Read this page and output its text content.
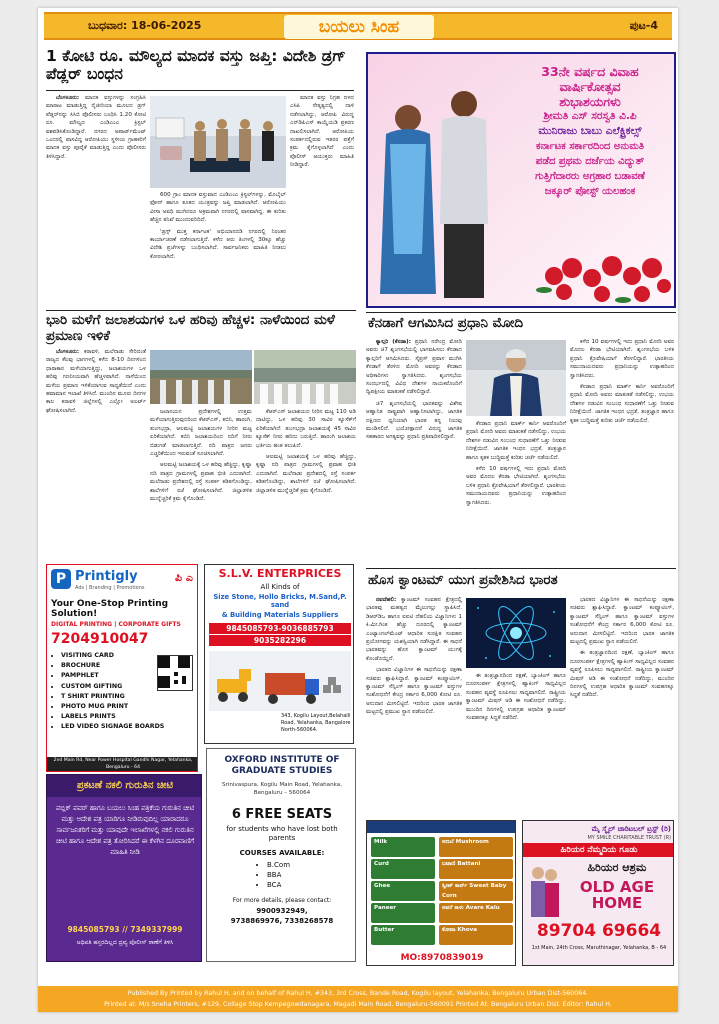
ಬುಧವಾರ: 18-06-2025	ಬಯಲು ಸಿಂಹ	ಪುಟ-4
1 ಕೋಟಿ ರೂ. ಮೌಲ್ಯದ ಮಾದಕ ವಸ್ತು ಜಪ್ತಿ: ವಿದೇಶಿ ಡ್ರಗ್ ಪೆಡ್ಲರ್ ಬಂಧನ

ಬೆಂಗಳೂರು: ಮಾದಕ ವಸ್ತುಗಳನ್ನು ಸಂಗ್ರಹಿಸಿ ಮಾರಾಟ ಮಾಡುತ್ತಿದ್ದ ನೈಜೀರಿಯಾ ಮೂಲದ ಡ್ರಗ್ ಪೆಡ್ಲರ್‌ನನ್ನು ಸಿಸಿಬಿ ಪೊಲೀಸರು ಬಂಧಿಸಿ 1.20 ಕೋಟಿ ರೂ. ಮೌಲ್ಯದ ಎಂಡಿಎಂಎ ಕ್ರಿಸ್ಟಲ್ ವಶಪಡಿಸಿಕೊಂಡಿದ್ದಾರೆ. ನಗರದ ಅಪಾರ್ಟ್‌ಮೆಂಟ್ ಒಂದರಲ್ಲಿ ವಾಸವಿದ್ದ ಆರೋಪಿಯು ಸ್ಥಳೀಯ ಗ್ರಾಹಕರಿಗೆ ಮಾದಕ ವಸ್ತು ಪೂರೈಕೆ ಮಾಡುತ್ತಿದ್ದ ಎಂದು ಪೊಲೀಸರು ತಿಳಿಸಿದ್ದಾರೆ.

600 ಗ್ರಾಂ ಮಾದಕ ವಸ್ತುವಾದ ಎಂಡಿಎಂಎ ಕ್ರಿಸ್ಟಲ್‌ಗಳನ್ನು, ಮೊಬೈಲ್ ಫೋನ್ ಹಾಗೂ ತೂಕದ ಯಂತ್ರವನ್ನು ಜಪ್ತಿ ಮಾಡಲಾಗಿದೆ. ಆರೋಪಿಯು ವೀಸಾ ಅವಧಿ ಮುಗಿದರೂ ಅಕ್ರಮವಾಗಿ ನಗರದಲ್ಲಿ ವಾಸವಾಗಿದ್ದ. ಈ ಕುರಿತು ಹೆಚ್ಚಿನ ತನಿಖೆ ಮುಂದುವರಿದಿದೆ.

'ಡ್ರಗ್ಸ್ ಮುಕ್ತ ಕರ್ನಾಟಕ' ಅಭಿಯಾನದಡಿ ನಗರದಲ್ಲಿ ನಿರಂತರ ಕಾರ್ಯಾಚರಣೆ ನಡೆಸಲಾಗುತ್ತಿದೆ. ಕಳೆದ ಆರು ತಿಂಗಳಲ್ಲಿ 30ಕ್ಕೂ ಹೆಚ್ಚು ವಿದೇಶಿ ಪ್ರಜೆಗಳನ್ನು ಬಂಧಿಸಲಾಗಿದೆ. ಸಾರ್ವಜನಿಕರು ಮಾಹಿತಿ ನೀಡಲು ಕೋರಲಾಗಿದೆ.

ಮಾದಕ ವಸ್ತು ನಿಗ್ರಹ ದಳದ ಎಸಿಪಿ ನೇತೃತ್ವದಲ್ಲಿ ದಾಳಿ ನಡೆಸಲಾಗಿದ್ದು, ಆರೋಪಿ ವಿರುದ್ಧ ಎನ್‌ಡಿಪಿಎಸ್ ಕಾಯ್ದೆಯಡಿ ಪ್ರಕರಣ ದಾಖಲಿಸಲಾಗಿದೆ. ಆರೋಪಿಯ ಸಂಪರ್ಕದಲ್ಲಿರುವ ಇತರರ ಪತ್ತೆಗೆ ಕ್ರಮ ಕೈಗೊಳ್ಳಲಾಗಿದೆ ಎಂದು ಪೊಲೀಸ್ ಆಯುಕ್ತರು ಮಾಹಿತಿ ನೀಡಿದ್ದಾರೆ.

33ನೇ ವರ್ಷದ ವಿವಾಹ
ವಾರ್ಷಿಕೋತ್ಸವ
ಶುಭಾಶಯಗಳು
ಶ್ರೀಮತಿ ಎಸ್ ಸರಸ್ವತಿ ವಿ.ಪಿ
ಮುನಿರಾಜು ಬಾಬು ಎಲೆಕ್ಟ್ರಿಕಲ್ಸ್
ಕರ್ನಾಟಕ ಸರ್ಕಾರದಿಂದ ಅನುಮತಿ
ಪಡೆದ ಪ್ರಥಮ ದರ್ಜೆಯ ವಿದ್ಯುತ್
ಗುತ್ತಿಗೆದಾರರು ಅಗ್ರಹಾರ ಬಡಾವಣೆ
ಜಕ್ಕೂರ್ ಪೋಸ್ಟ್ ಯಲಹಂಕ
ಭಾರಿ ಮಳೆಗೆ ಜಲಾಶಯಗಳ ಒಳ ಹರಿವು ಹೆಚ್ಚಳ: ನಾಳೆಯಿಂದ ಮಳೆ ಪ್ರಮಾಣ ಇಳಿಕೆ

ಬೆಂಗಳೂರು: ಕರಾವಳಿ, ಮಲೆನಾಡು ಸೇರಿದಂತೆ ರಾಜ್ಯದ ಕೆಲವು ಭಾಗಗಳಲ್ಲಿ ಕಳೆದ 8-10 ದಿನಗಳಿಂದ ಧಾರಾಕಾರ ಮಳೆಯಾಗುತ್ತಿದ್ದು, ಜಲಾಶಯಗಳ ಒಳ ಹರಿವು ಗಣನೀಯವಾಗಿ ಹೆಚ್ಚಳವಾಗಿದೆ. ನಾಳೆಯಿಂದ ಮಳೆಯ ಪ್ರಮಾಣ ಇಳಿಕೆಯಾಗುವ ಸಾಧ್ಯತೆಯಿದೆ ಎಂದು ಹವಾಮಾನ ಇಲಾಖೆ ತಿಳಿಸಿದೆ. ಮುಂದಿನ ಮೂರು ದಿನಗಳ ಕಾಲ ಕರಾವಳಿ ಜಿಲ್ಲೆಗಳಲ್ಲಿ ಎಲ್ಲೋ ಅಲರ್ಟ್ ಘೋಷಿಸಲಾಗಿದೆ.	ಜಲಾನಯನ ಪ್ರದೇಶಗಳಲ್ಲಿ ಉತ್ತಮ ಮಳೆಯಾಗುತ್ತಿರುವುದರಿಂದ ಕೆಆರ್‌ಎಸ್, ಕಬಿನಿ, ಹಾರಂಗಿ, ತುಂಗಭದ್ರಾ, ಆಲಮಟ್ಟಿ ಜಲಾಶಯಗಳ ನೀರಿನ ಮಟ್ಟ ಏರಿಕೆಯಾಗಿದೆ. ಕಬಿನಿ ಜಲಾಶಯದಿಂದ ನದಿಗೆ ನೀರು ಬಿಡುಗಡೆ ಮಾಡಲಾಗುತ್ತಿದೆ. ನದಿ ಪಾತ್ರದ ಜನರು ಎಚ್ಚರಿಕೆಯಿಂದ ಇರುವಂತೆ ಸೂಚಿಸಲಾಗಿದೆ.

ಆಲಮಟ್ಟಿ ಜಲಾಶಯಕ್ಕೆ ಒಳ ಹರಿವು ಹೆಚ್ಚಿದ್ದು, ಕೃಷ್ಣಾ ನದಿ ಪಾತ್ರದ ಗ್ರಾಮಗಳಲ್ಲಿ ಪ್ರವಾಹ ಭೀತಿ ಎದುರಾಗಿದೆ. ಮಲೆನಾಡು ಪ್ರದೇಶದಲ್ಲಿ ರಸ್ತೆ ಸಂಪರ್ಕ ಕಡಿತಗೊಂಡಿದ್ದು, ಶಾಲೆಗಳಿಗೆ ರಜೆ ಘೋಷಿಸಲಾಗಿದೆ. ಜಿಲ್ಲಾಡಳಿತ ಮುನ್ನೆಚ್ಚರಿಕೆ ಕ್ರಮ ಕೈಗೊಂಡಿದೆ.

ಕೆಆರ್‌ಎಸ್ ಜಲಾಶಯದ ನೀರಿನ ಮಟ್ಟ 110 ಅಡಿ ದಾಟಿದ್ದು, ಒಳ ಹರಿವು 30 ಸಾವಿರ ಕ್ಯೂಸೆಕ್‌ಗೆ ಏರಿಕೆಯಾಗಿದೆ. ತುಂಗಭದ್ರಾ ಜಲಾಶಯಕ್ಕೆ 45 ಸಾವಿರ ಕ್ಯೂಸೆಕ್ ನೀರು ಹರಿದು ಬರುತ್ತಿದೆ. ಹಾರಂಗಿ ಜಲಾಶಯ ಭರ್ತಿಯ ಹಂತ ತಲುಪಿದೆ.

ಆಲಮಟ್ಟಿ ಜಲಾಶಯಕ್ಕೆ ಒಳ ಹರಿವು ಹೆಚ್ಚಿದ್ದು, ಕೃಷ್ಣಾ ನದಿ ಪಾತ್ರದ ಗ್ರಾಮಗಳಲ್ಲಿ ಪ್ರವಾಹ ಭೀತಿ ಎದುರಾಗಿದೆ. ಮಲೆನಾಡು ಪ್ರದೇಶದಲ್ಲಿ ರಸ್ತೆ ಸಂಪರ್ಕ ಕಡಿತಗೊಂಡಿದ್ದು, ಶಾಲೆಗಳಿಗೆ ರಜೆ ಘೋಷಿಸಲಾಗಿದೆ. ಜಿಲ್ಲಾಡಳಿತ ಮುನ್ನೆಚ್ಚರಿಕೆ ಕ್ರಮ ಕೈಗೊಂಡಿದೆ.

ಕೆನಡಾಗೆ ಆಗಮಿಸಿದ ಪ್ರಧಾನಿ ಮೋದಿ

ಕ್ಯಾಲ್ಗರಿ (ಕೆನಡಾ): ಪ್ರಧಾನಿ ನರೇಂದ್ರ ಮೋದಿ ಅವರು ಜಿ7 ಶೃಂಗಸಭೆಯಲ್ಲಿ ಭಾಗವಹಿಸಲು ಕೆನಡಾದ ಕ್ಯಾಲ್ಗರಿಗೆ ಆಗಮಿಸಿದರು. ಸೈಪ್ರಸ್ ಪ್ರವಾಸ ಮುಗಿಸಿ ಕೆನಡಾಗೆ ತೆರಳಿದ ಮೋದಿ ಅವರನ್ನು ಕೆನಡಾದ ಅಧಿಕಾರಿಗಳು ಸ್ವಾಗತಿಸಿದರು. ಶೃಂಗಸಭೆಯ ಸಂದರ್ಭದಲ್ಲಿ ವಿವಿಧ ದೇಶಗಳ ನಾಯಕರೊಂದಿಗೆ ದ್ವಿಪಕ್ಷೀಯ ಮಾತುಕತೆ ನಡೆಸಲಿದ್ದಾರೆ.

ಜಿ7 ಶೃಂಗಸಭೆಯಲ್ಲಿ ಭಾರತವನ್ನು ವಿಶೇಷ ಆಹ್ವಾನಿತ ರಾಷ್ಟ್ರವಾಗಿ ಆಹ್ವಾನಿಸಲಾಗಿದ್ದು, ಜಾಗತಿಕ ದಕ್ಷಿಣದ ಧ್ವನಿಯಾಗಿ ಭಾರತ ತನ್ನ ನಿಲುವು ಮಂಡಿಸಲಿದೆ. ಭಯೋತ್ಪಾದನೆ ವಿರುದ್ಧ ಜಾಗತಿಕ ಸಹಕಾರದ ಅಗತ್ಯವನ್ನು ಪ್ರಧಾನಿ ಪ್ರತಿಪಾದಿಸಲಿದ್ದಾರೆ.

ಕೆನಡಾದ ಪ್ರಧಾನಿ ಮಾರ್ಕ್ ಕಾರ್ನಿ ಅವರೊಂದಿಗೆ ಪ್ರಧಾನಿ ಮೋದಿ ಅವರು ಮಾತುಕತೆ ನಡೆಸಲಿದ್ದು, ಉಭಯ ದೇಶಗಳ ನಡುವಿನ ಸಂಬಂಧ ಸುಧಾರಣೆಗೆ ಒತ್ತು ನೀಡುವ ನಿರೀಕ್ಷೆಯಿದೆ. ಜಾಗತಿಕ ಇಂಧನ ಭದ್ರತೆ, ತಂತ್ರಜ್ಞಾನ ಹಾಗೂ ಕೃತಕ ಬುದ್ಧಿಮತ್ತೆ ಕುರಿತು ಚರ್ಚೆ ನಡೆಯಲಿದೆ.

ಕಳೆದ 10 ವರ್ಷಗಳಲ್ಲಿ ಇದು ಪ್ರಧಾನಿ ಮೋದಿ ಅವರ ಮೊದಲ ಕೆನಡಾ ಭೇಟಿಯಾಗಿದೆ. ಶೃಂಗಸಭೆಯ ಬಳಿಕ ಪ್ರಧಾನಿ ಕ್ರೊವೇಷಿಯಾಗೆ ತೆರಳಲಿದ್ದಾರೆ. ಭಾರತೀಯ ಸಮುದಾಯದವರು ಪ್ರಧಾನಿಯನ್ನು ಉತ್ಸಾಹದಿಂದ ಸ್ವಾಗತಿಸಿದರು.

ಕಳೆದ 10 ವರ್ಷಗಳಲ್ಲಿ ಇದು ಪ್ರಧಾನಿ ಮೋದಿ ಅವರ ಮೊದಲ ಕೆನಡಾ ಭೇಟಿಯಾಗಿದೆ. ಶೃಂಗಸಭೆಯ ಬಳಿಕ ಪ್ರಧಾನಿ ಕ್ರೊವೇಷಿಯಾಗೆ ತೆರಳಲಿದ್ದಾರೆ. ಭಾರತೀಯ ಸಮುದಾಯದವರು ಪ್ರಧಾನಿಯನ್ನು ಉತ್ಸಾಹದಿಂದ ಸ್ವಾಗತಿಸಿದರು.

ಕೆನಡಾದ ಪ್ರಧಾನಿ ಮಾರ್ಕ್ ಕಾರ್ನಿ ಅವರೊಂದಿಗೆ ಪ್ರಧಾನಿ ಮೋದಿ ಅವರು ಮಾತುಕತೆ ನಡೆಸಲಿದ್ದು, ಉಭಯ ದೇಶಗಳ ನಡುವಿನ ಸಂಬಂಧ ಸುಧಾರಣೆಗೆ ಒತ್ತು ನೀಡುವ ನಿರೀಕ್ಷೆಯಿದೆ. ಜಾಗತಿಕ ಇಂಧನ ಭದ್ರತೆ, ತಂತ್ರಜ್ಞಾನ ಹಾಗೂ ಕೃತಕ ಬುದ್ಧಿಮತ್ತೆ ಕುರಿತು ಚರ್ಚೆ ನಡೆಯಲಿದೆ.

ಹೊಸ ಕ್ವಾಂಟಮ್ ಯುಗ ಪ್ರವೇಶಿಸಿದ ಭಾರತ

ನವದೆಹಲಿ: ಕ್ವಾಂಟಮ್ ಸಂವಹನ ಕ್ಷೇತ್ರದಲ್ಲಿ ಭಾರತವು ಮಹತ್ವದ ಮೈಲುಗಲ್ಲು ಸ್ಥಾಪಿಸಿದೆ. ಡಿಆರ್‌ಡಿಒ ಹಾಗೂ ಐಐಟಿ ದೆಹಲಿಯ ವಿಜ್ಞಾನಿಗಳು 1 ಕಿ.ಮೀ.ಗಿಂತ ಹೆಚ್ಚು ದೂರದಲ್ಲಿ ಕ್ವಾಂಟಮ್ ಎಂಟ್ಯಾಂಗಲ್‌ಮೆಂಟ್ ಆಧಾರಿತ ಸುರಕ್ಷಿತ ಸಂವಹನ ಪ್ರಯೋಗವನ್ನು ಯಶಸ್ವಿಯಾಗಿ ನಡೆಸಿದ್ದಾರೆ. ಈ ಸಾಧನೆ ಭಾರತವನ್ನು ಹೊಸ ಕ್ವಾಂಟಮ್ ಯುಗಕ್ಕೆ ಕೊಂಡೊಯ್ದಿದೆ.

ಭಾರತದ ವಿಜ್ಞಾನಿಗಳ ಈ ಸಾಧನೆಯನ್ನು ರಕ್ಷಣಾ ಸಚಿವರು ಶ್ಲಾಘಿಸಿದ್ದಾರೆ. ಕ್ವಾಂಟಮ್ ಕಂಪ್ಯೂಟಿಂಗ್, ಕ್ವಾಂಟಮ್ ಸೆನ್ಸಿಂಗ್ ಹಾಗೂ ಕ್ವಾಂಟಮ್ ವಸ್ತುಗಳ ಸಂಶೋಧನೆಗೆ ಕೇಂದ್ರ ಸರ್ಕಾರ 6,000 ಕೋಟಿ ರೂ. ಅನುದಾನ ಮೀಸಲಿಟ್ಟಿದೆ. ಇದರಿಂದ ಭಾರತ ಜಾಗತಿಕ ಮಟ್ಟದಲ್ಲಿ ಪ್ರಮುಖ ಸ್ಥಾನ ಪಡೆಯಲಿದೆ.

ಈ ತಂತ್ರಜ್ಞಾನದಿಂದ ರಕ್ಷಣೆ, ಬ್ಯಾಂಕಿಂಗ್ ಹಾಗೂ ದೂರಸಂಪರ್ಕ ಕ್ಷೇತ್ರಗಳಲ್ಲಿ ಹ್ಯಾಕಿಂಗ್ ಸಾಧ್ಯವಿಲ್ಲದ ಸಂವಹನ ವ್ಯವಸ್ಥೆ ರೂಪಿಸಲು ಸಾಧ್ಯವಾಗಲಿದೆ. ರಾಷ್ಟ್ರೀಯ ಕ್ವಾಂಟಮ್ ಮಿಷನ್ ಅಡಿ ಈ ಸಂಶೋಧನೆ ನಡೆದಿದ್ದು, ಮುಂದಿನ ದಿನಗಳಲ್ಲಿ ಉಪಗ್ರಹ ಆಧಾರಿತ ಕ್ವಾಂಟಮ್ ಸಂವಹನಕ್ಕೂ ಸಿದ್ಧತೆ ನಡೆದಿದೆ.

ಭಾರತದ ವಿಜ್ಞಾನಿಗಳ ಈ ಸಾಧನೆಯನ್ನು ರಕ್ಷಣಾ ಸಚಿವರು ಶ್ಲಾಘಿಸಿದ್ದಾರೆ. ಕ್ವಾಂಟಮ್ ಕಂಪ್ಯೂಟಿಂಗ್, ಕ್ವಾಂಟಮ್ ಸೆನ್ಸಿಂಗ್ ಹಾಗೂ ಕ್ವಾಂಟಮ್ ವಸ್ತುಗಳ ಸಂಶೋಧನೆಗೆ ಕೇಂದ್ರ ಸರ್ಕಾರ 6,000 ಕೋಟಿ ರೂ. ಅನುದಾನ ಮೀಸಲಿಟ್ಟಿದೆ. ಇದರಿಂದ ಭಾರತ ಜಾಗತಿಕ ಮಟ್ಟದಲ್ಲಿ ಪ್ರಮುಖ ಸ್ಥಾನ ಪಡೆಯಲಿದೆ.

ಈ ತಂತ್ರಜ್ಞಾನದಿಂದ ರಕ್ಷಣೆ, ಬ್ಯಾಂಕಿಂಗ್ ಹಾಗೂ ದೂರಸಂಪರ್ಕ ಕ್ಷೇತ್ರಗಳಲ್ಲಿ ಹ್ಯಾಕಿಂಗ್ ಸಾಧ್ಯವಿಲ್ಲದ ಸಂವಹನ ವ್ಯವಸ್ಥೆ ರೂಪಿಸಲು ಸಾಧ್ಯವಾಗಲಿದೆ. ರಾಷ್ಟ್ರೀಯ ಕ್ವಾಂಟಮ್ ಮಿಷನ್ ಅಡಿ ಈ ಸಂಶೋಧನೆ ನಡೆದಿದ್ದು, ಮುಂದಿನ ದಿನಗಳಲ್ಲಿ ಉಪಗ್ರಹ ಆಧಾರಿತ ಕ್ವಾಂಟಮ್ ಸಂವಹನಕ್ಕೂ ಸಿದ್ಧತೆ ನಡೆದಿದೆ.

P Printigly
Ads | Branding | Promotions
ಪಿ ಎ
Your One-Stop Printing Solution!
DIGITAL PRINTING | CORPORATE GIFTS
7204910047
• VISITING CARD
• BROCHURE
• PAMPHLET
• CUSTOM GIFTING
• T SHIRT PRINTING
• PHOTO MUG PRINT
• LABELS PRINTS
• LED VIDEO SIGNAGE BOARDS
2nd Main Rd, Near Power Hospital Gandhi Nagar, Yelahanka, Bengaluru - 64
S.L.V. ENTERPRICES
All Kinds of
Size Stone, Hollo Bricks, M.Sand,P. sand
& Building Materials Suppliers
9845085793-9036885793
9035282296
343, Kogilu Layout,Belahalli Road, Yelahanka, Bangalore North-560064.
OXFORD INSTITUTE OF GRADUATE STUDIES
Srinivaspura, Kogilu Main Road, Yelahanka, Bengaluru – 560064
6 FREE SEATS
for students who have lost both parents
COURSES AVAILABLE:
• B.Com
• BBA
• BCA
For more details, please contact:
9900932949,
9738869976, 7338268578
ಪ್ರಕಟಣೆ ನಕಲಿ ಗುರುತಿನ ಚೀಟಿ
ಪಬ್ಲಿಕ್ ಪವರ್ ಹಾಗೂ ಬಯಲು ಸಿಂಹ ಪತ್ರಿಕೆಯ ಗುರುತಿನ ಚೀಟಿ ಮತ್ತು ಆದೇಶ ಪತ್ರ ಯಾರಿಗೂ ನೀಡಿರುವುದಿಲ್ಲ ಯಾರಾದರೂ ಸಾರ್ವಜನಿಕರಿಗೆ ಮತ್ತು ಯಾವುದೇ ಇಲಾಖೆಗಳಲ್ಲಿ ನಕಲಿ ಗುರುತಿನ ಚೀಟಿ ಹಾಗೂ ಆದೇಶ ಪತ್ರ ತೋರಿಸಿದರೆ ಈ ಕೆಳಗಿನ ದೂರವಾಣಿಗೆ ಮಾಹಿತಿ ನೀಡಿ
9845085793 // 7349337999
ಅಧಿಪತಿ ಹಸ್ತರದಿಲ್ಲದ ದ್ರವ್ಯ ಪೊಲೀಸ್ ಠಾಣೆಗೆ ತಿಳಿಸಿ
Milk
Curd
Ghee
Paneer
Butter
ಅಣಬೆ Mushroom
ಬಟಾಣಿ Battani
ಸ್ವೀಟ್ ಕಾರ್ನ್ Sweet Baby Corn
ಅವರೆ ಕಾಳು Avare Kalu
ಕೋವಾ Khova
MO:8970839019
ಮೈ ಸ್ಮೈಲ್ ಚಾರಿಟಬಲ್ ಟ್ರಸ್ಟ್ (ರಿ)
MY SMILE CHARITABLE TRUST (R)
ಹಿರಿಯರ ನೆಮ್ಮದಿಯ ಗೂಡು
ಹಿರಿಯರ ಆಶ್ರಮ
OLD AGE HOME
89704 69664
1st Main, 24th Cross, Maruthinagar, Yelahanka, B - 64
Published By Printed by Rahul H, and on behalf of Rahul H, #343, 3rd Cross, Bande Road, Kogilu layout, Yelahanka, Bengaluru Urban Dist-560064.
Printed at: M/s Sneha Printers, #129, Collage Stop Kempegowdanagara, Magadi Main Road, Bengaluru-560091 Printed At: Bengaluru Urban Dist. Editor: Rahul H.
